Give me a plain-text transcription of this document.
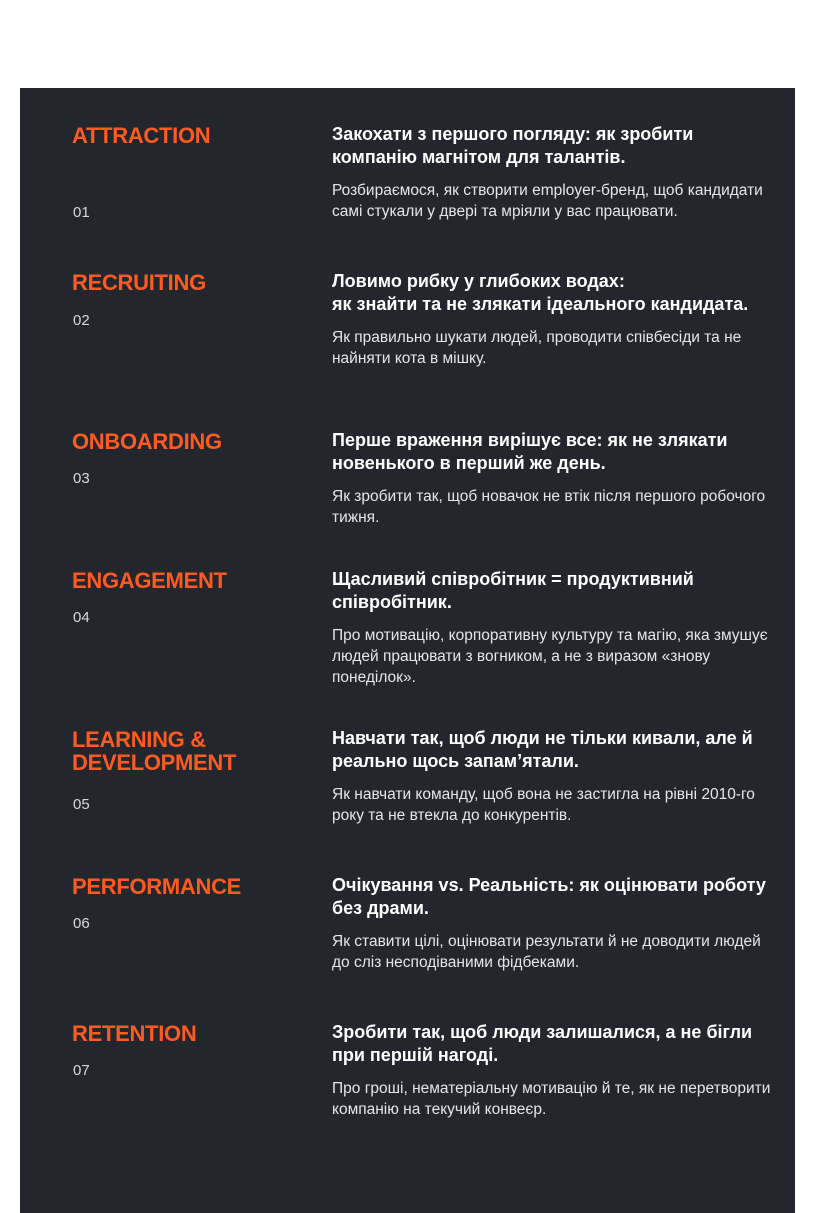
ATTRACTION
01
Закохати з першого погляду: як зробити компанію магнітом для талантів.

Розбираємося, як створити employer-бренд, щоб кандидати самі стукали у двері та мріяли у вас працювати.

RECRUITING
02
Ловимо рибку у глибоких водах:
як знайти та не злякати ідеального кандидата.

Як правильно шукати людей, проводити співбесіди та не найняти кота в мішку.

ONBOARDING
03
Перше враження вирішує все: як не злякати новенького в перший же день.

Як зробити так, щоб новачок не втік після першого робочого тижня.

ENGAGEMENT
04
Щасливий співробітник = продуктивний співробітник.

Про мотивацію, корпоративну культуру та магію, яка змушує людей працювати з вогником, а не з виразом «знову понеділок».

LEARNING & DEVELOPMENT
05
Навчати так, щоб люди не тільки кивали, але й реально щось запам’ятали.

Як навчати команду, щоб вона не застигла на рівні 2010-го року та не втекла до конкурентів.

PERFORMANCE
06
Очікування vs. Реальність: як оцінювати роботу без драми.

Як ставити цілі, оцінювати результати й не доводити людей до сліз несподіваними фідбеками.

RETENTION
07
Зробити так, щоб люди залишалися, а не бігли при першій нагоді.

Про гроші, нематеріальну мотивацію й те, як не перетворити компанію на текучий конвеєр.
